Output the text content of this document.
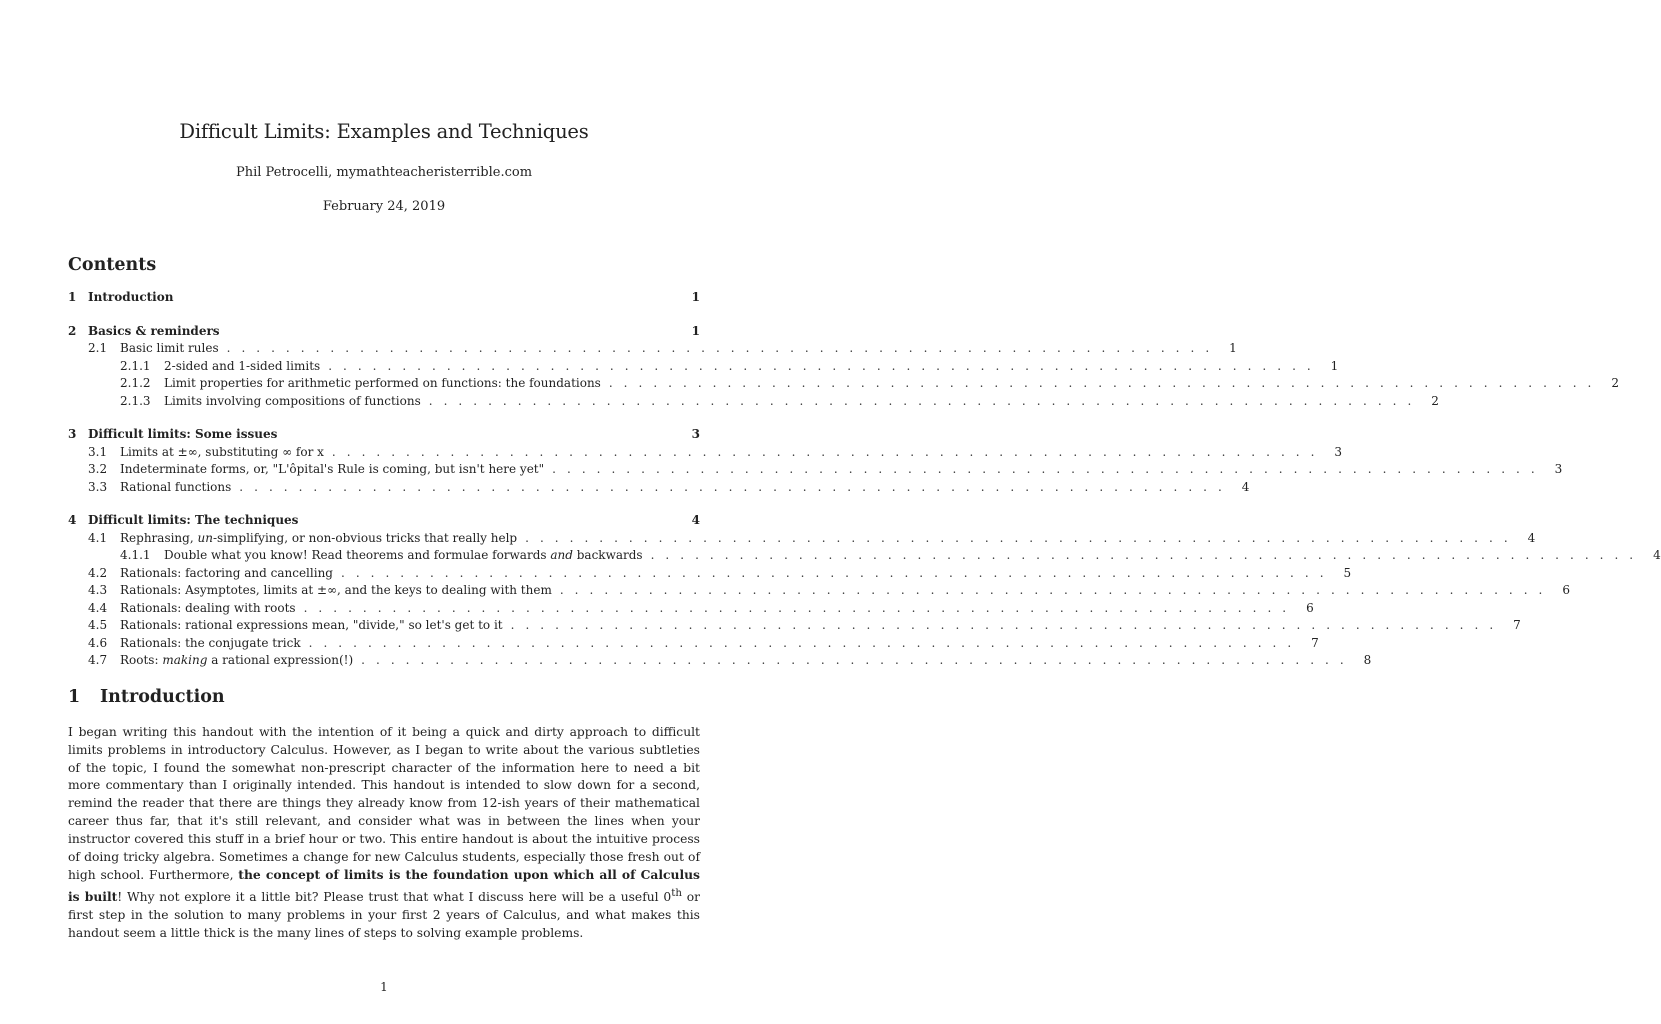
Difficult Limits: Examples and Techniques
Phil Petrocelli, mymathteacheristerrible.com
February 24, 2019
Contents
1 Introduction	1
2 Basics & reminders	1
2.1	Basic limit rules . . . . . . . . . . . . . . . . . . . . . . . . . . . . . . . . . . . . . . . . . . . . . . . . . . . . . . . . . . . . . . . . . . .	1
2.1.1	2-sided and 1-sided limits . . . . . . . . . . . . . . . . . . . . . . . . . . . . . . . . . . . . . . . . . . . . . . . . . . . . . . . . . . . . . . . . . . .	1
2.1.2	Limit properties for arithmetic performed on functions: the foundations . . . . . . . . . . . . . . . . . . . . . . . . . . . . . . . . . . . . . . . . . . . . . . . . . . . . . . . . . . . . . . . . . . .	2
2.1.3	Limits involving compositions of functions . . . . . . . . . . . . . . . . . . . . . . . . . . . . . . . . . . . . . . . . . . . . . . . . . . . . . . . . . . . . . . . . . . .	2
3 Difficult limits: Some issues	3
3.1	Limits at ±∞, substituting ∞ for x . . . . . . . . . . . . . . . . . . . . . . . . . . . . . . . . . . . . . . . . . . . . . . . . . . . . . . . . . . . . . . . . . . .	3
3.2	Indeterminate forms, or, "L'ôpital's Rule is coming, but isn't here yet" . . . . . . . . . . . . . . . . . . . . . . . . . . . . . . . . . . . . . . . . . . . . . . . . . . . . . . . . . . . . . . . . . . .	3
3.3	Rational functions . . . . . . . . . . . . . . . . . . . . . . . . . . . . . . . . . . . . . . . . . . . . . . . . . . . . . . . . . . . . . . . . . . .	4
4 Difficult limits: The techniques	4
4.1	Rephrasing, un-simplifying, or non-obvious tricks that really help . . . . . . . . . . . . . . . . . . . . . . . . . . . . . . . . . . . . . . . . . . . . . . . . . . . . . . . . . . . . . . . . . . .	4
4.1.1	Double what you know! Read theorems and formulae forwards and backwards . . . . . . . . . . . . . . . . . . . . . . . . . . . . . . . . . . . . . . . . . . . . . . . . . . . . . . . . . . . . . . . . . . .	4
4.2	Rationals: factoring and cancelling . . . . . . . . . . . . . . . . . . . . . . . . . . . . . . . . . . . . . . . . . . . . . . . . . . . . . . . . . . . . . . . . . . .	5
4.3	Rationals: Asymptotes, limits at ±∞, and the keys to dealing with them . . . . . . . . . . . . . . . . . . . . . . . . . . . . . . . . . . . . . . . . . . . . . . . . . . . . . . . . . . . . . . . . . . .	6
4.4	Rationals: dealing with roots . . . . . . . . . . . . . . . . . . . . . . . . . . . . . . . . . . . . . . . . . . . . . . . . . . . . . . . . . . . . . . . . . . .	6
4.5	Rationals: rational expressions mean, "divide," so let's get to it . . . . . . . . . . . . . . . . . . . . . . . . . . . . . . . . . . . . . . . . . . . . . . . . . . . . . . . . . . . . . . . . . . .	7
4.6	Rationals: the conjugate trick . . . . . . . . . . . . . . . . . . . . . . . . . . . . . . . . . . . . . . . . . . . . . . . . . . . . . . . . . . . . . . . . . . .	7
4.7	Roots: making a rational expression(!) . . . . . . . . . . . . . . . . . . . . . . . . . . . . . . . . . . . . . . . . . . . . . . . . . . . . . . . . . . . . . . . . . . .	8
1 Introduction
I began writing this handout with the intention of it being a quick and dirty approach to difficult limits problems in introductory Calculus. However, as I began to write about the various subtleties of the topic, I found the somewhat non-prescript character of the information here to need a bit more commentary than I originally intended. This handout is intended to slow down for a second, remind the reader that there are things they already know from 12-ish years of their mathematical career thus far, that it's still relevant, and consider what was in between the lines when your instructor covered this stuff in a brief hour or two. This entire handout is about the intuitive process of doing tricky algebra. Sometimes a change for new Calculus students, especially those fresh out of high school. Furthermore, the concept of limits is the foundation upon which all of Calculus is built! Why not explore it a little bit? Please trust that what I discuss here will be a useful 0th or first step in the solution to many problems in your first 2 years of Calculus, and what makes this handout seem a little thick is the many lines of steps to solving example problems.
1
